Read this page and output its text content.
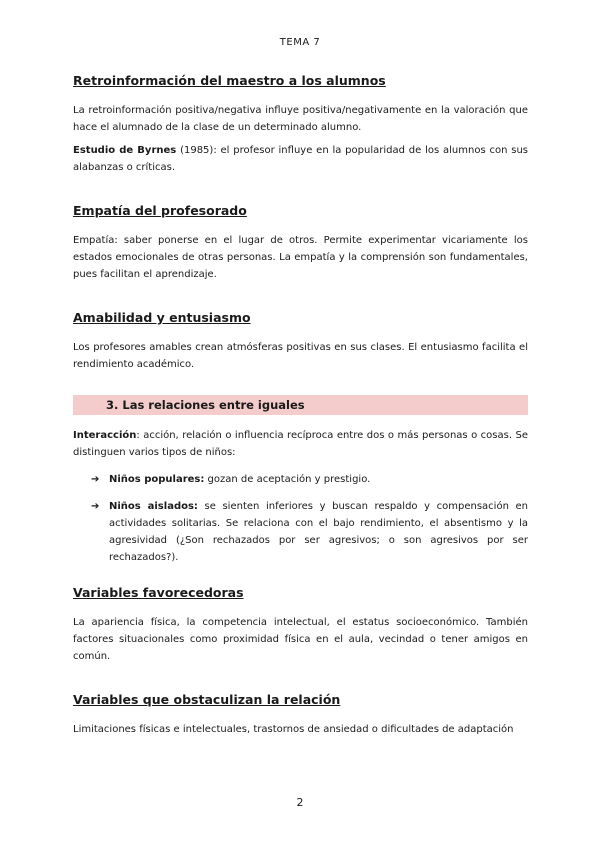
TEMA 7
Retroinformación del maestro a los alumnos

La retroinformación positiva/negativa influye positiva/negativamente en la valoración que hace el alumnado de la clase de un determinado alumno.

Estudio de Byrnes (1985): el profesor influye en la popularidad de los alumnos con sus alabanzas o críticas.

Empatía del profesorado

Empatía: saber ponerse en el lugar de otros. Permite experimentar vicariamente los estados emocionales de otras personas. La empatía y la comprensión son fundamentales, pues facilitan el aprendizaje.

Amabilidad y entusiasmo

Los profesores amables crean atmósferas positivas en sus clases. El entusiasmo facilita el rendimiento académico.

3. Las relaciones entre iguales

Interacción: acción, relación o influencia recíproca entre dos o más personas o cosas. Se distinguen varios tipos de niños:

➔ Niños populares: gozan de aceptación y prestigio.
➔ Niños aislados: se sienten inferiores y buscan respaldo y compensación en actividades solitarias. Se relaciona con el bajo rendimiento, el absentismo y la agresividad (¿Son rechazados por ser agresivos; o son agresivos por ser rechazados?).
Variables favorecedoras

La apariencia física, la competencia intelectual, el estatus socioeconómico. También factores situacionales como proximidad física en el aula, vecindad o tener amigos en común.

Variables que obstaculizan la relación

Limitaciones físicas e intelectuales, trastornos de ansiedad o dificultades de adaptación

2
